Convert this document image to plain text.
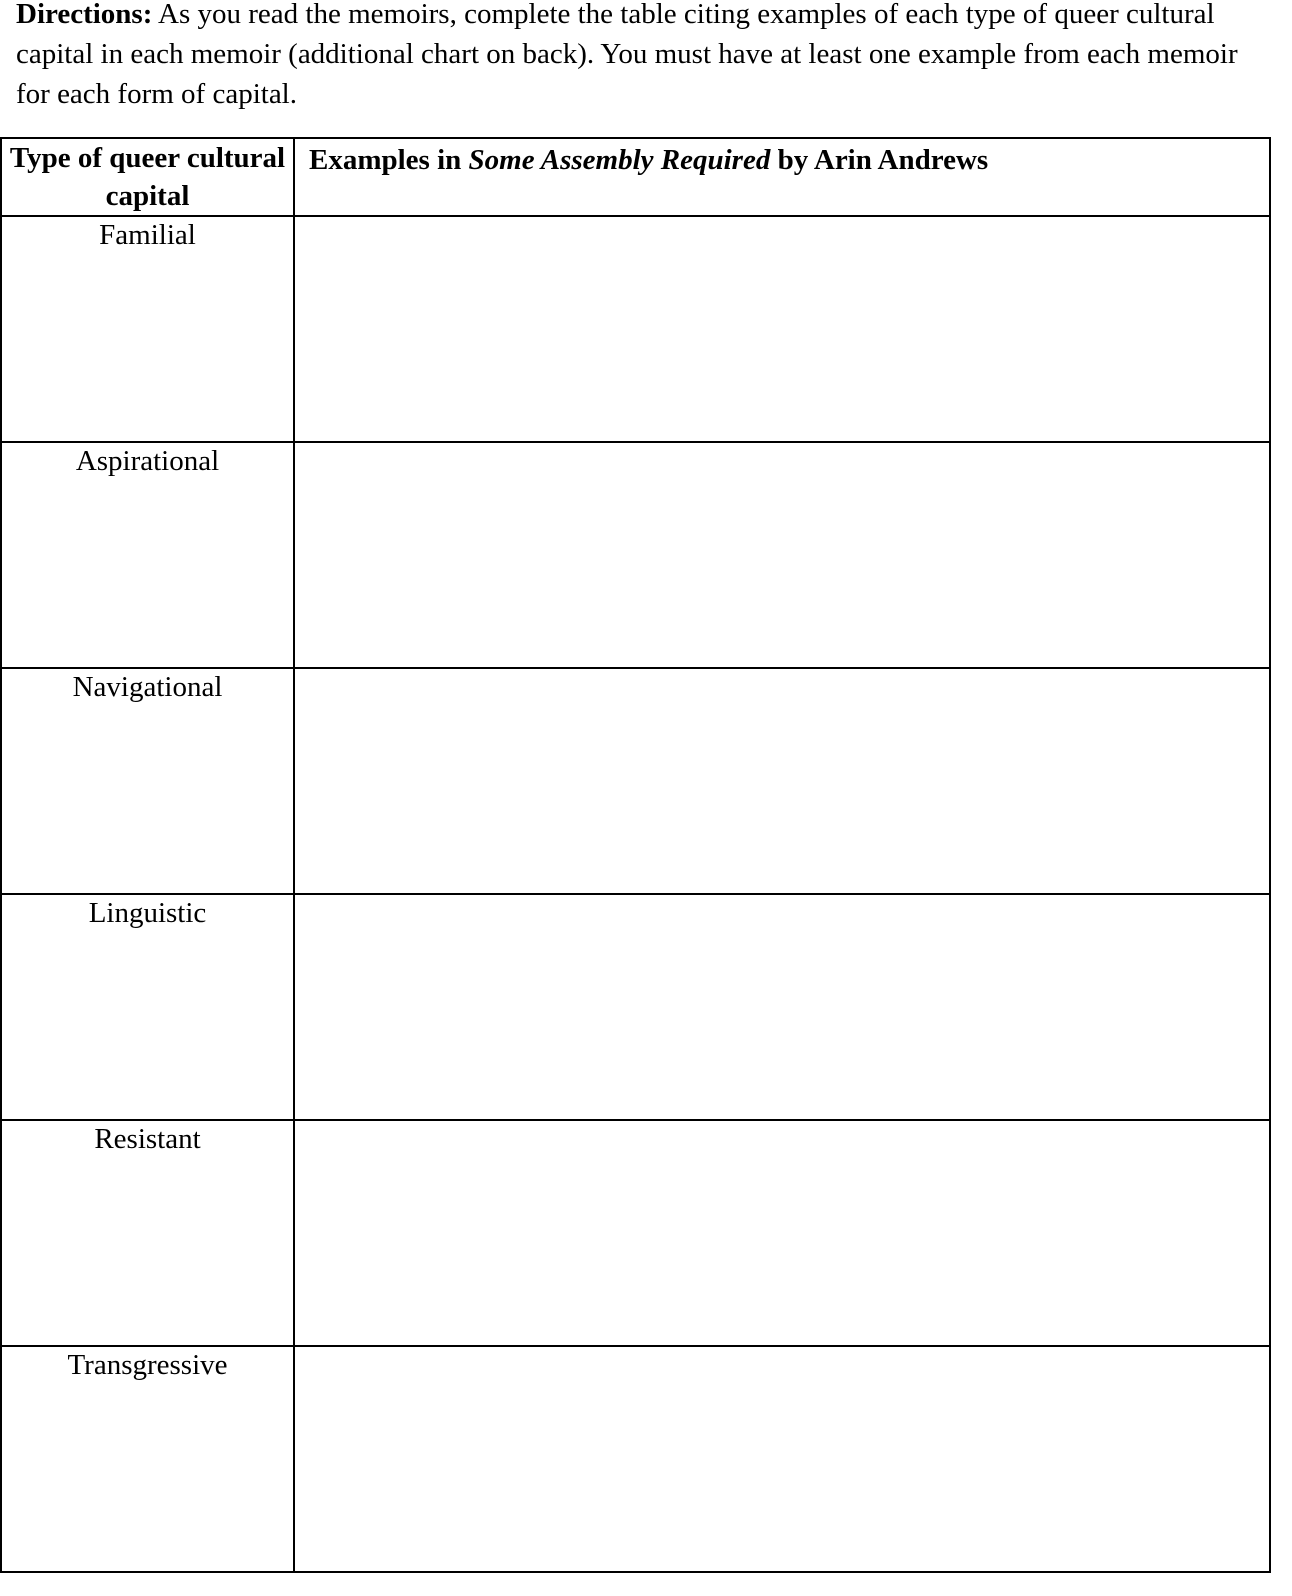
Directions: As you read the memoirs, complete the table citing examples of each type of queer cultural capital in each memoir (additional chart on back). You must have at least one example from each memoir for each form of capital.
Type of queer cultural capital	Examples in Some Assembly Required by Arin Andrews
Familial	
Aspirational	
Navigational	
Linguistic	
Resistant	
Transgressive	
